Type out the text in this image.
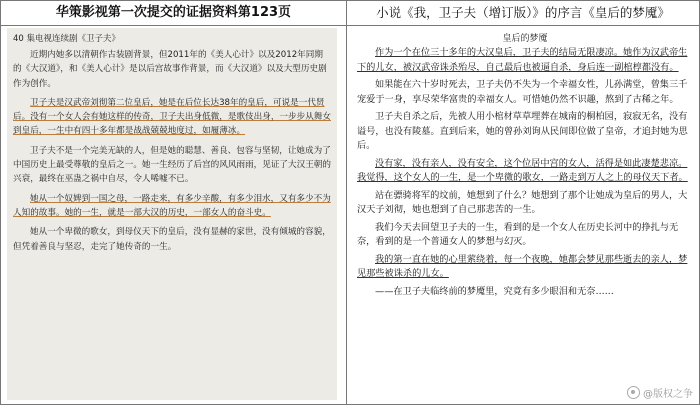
华策影视第一次提交的证据资料第123页
40 集电视连续剧《卫子夫》

近期内她多以清朝作古装剧背景，但2011年的《美人心计》以及2012年同期的《大汉道》，和《美人心计》是以后宫故事作背景，而《大汉道》以及大型历史剧作为创作。

卫子夫是汉武帝刘彻第二位皇后，她是在后位长达38年的皇后，可说是一代贤后。没有一个女人会有她这样的传奇，卫子夫出身低微，是歌伎出身，一步步从舞女到皇后，一生中有四十多年都是战战兢兢地度过，如履薄冰。

卫子夫不是一个完美无缺的人，但是她的聪慧、善良、包容与坚韧，让她成为了中国历史上最受尊敬的皇后之一。她一生经历了后宫的风风雨雨，见证了大汉王朝的兴衰，最终在巫蛊之祸中自尽，令人唏嘘不已。

她从一个奴婢到一国之母，一路走来，有多少辛酸，有多少泪水，又有多少不为人知的故事。她的一生，就是一部大汉的历史，一部女人的奋斗史。

她从一个卑微的歌女，到母仪天下的皇后，没有显赫的家世，没有倾城的容貌，但凭着善良与坚忍，走完了她传奇的一生。

小说《我，卫子夫（增订版）》的序言《皇后的梦魇》
皇后的梦魇

作为一个在位三十多年的大汉皇后，卫子夫的结局无限凄凉。她作为汉武帝生下的儿女，被汉武帝诛杀殆尽，自己最后也被逼自杀，身后连一副棺椁都没有。

如果能在六十岁时死去，卫子夫仍不失为一个幸福女性，儿孙满堂，曾集三千宠爱于一身，享尽荣华富贵的幸福女人。可惜她仍然不识趣，熬到了古稀之年。

卫子夫自杀之后，先被人用小棺材草草埋葬在城南的桐柏园，寂寂无名，没有谥号，也没有陵墓。直到后来，她的曾孙刘询从民间即位做了皇帝，才追封她为思后。

没有家，没有亲人，没有安全，这个位居中宫的女人，活得是如此凄楚悲凉。我觉得，这个女人的一生，是一个卑微的歌女，一路走到万人之上的母仪天下者。

站在骠骑将军的坟前，她想到了什么？她想到了那个让她成为皇后的男人，大汉天子刘彻，她也想到了自己那悲苦的一生。

我们今天去回望卫子夫的一生，看到的是一个女人在历史长河中的挣扎与无奈，看到的是一个普通女人的梦想与幻灭。

我的第一直在她的心里萦绕着，每一个夜晚，她都会梦见那些逝去的亲人，梦见那些被诛杀的儿女。

——在卫子夫临终前的梦魇里，究竟有多少眼泪和无奈……

@版权之争
